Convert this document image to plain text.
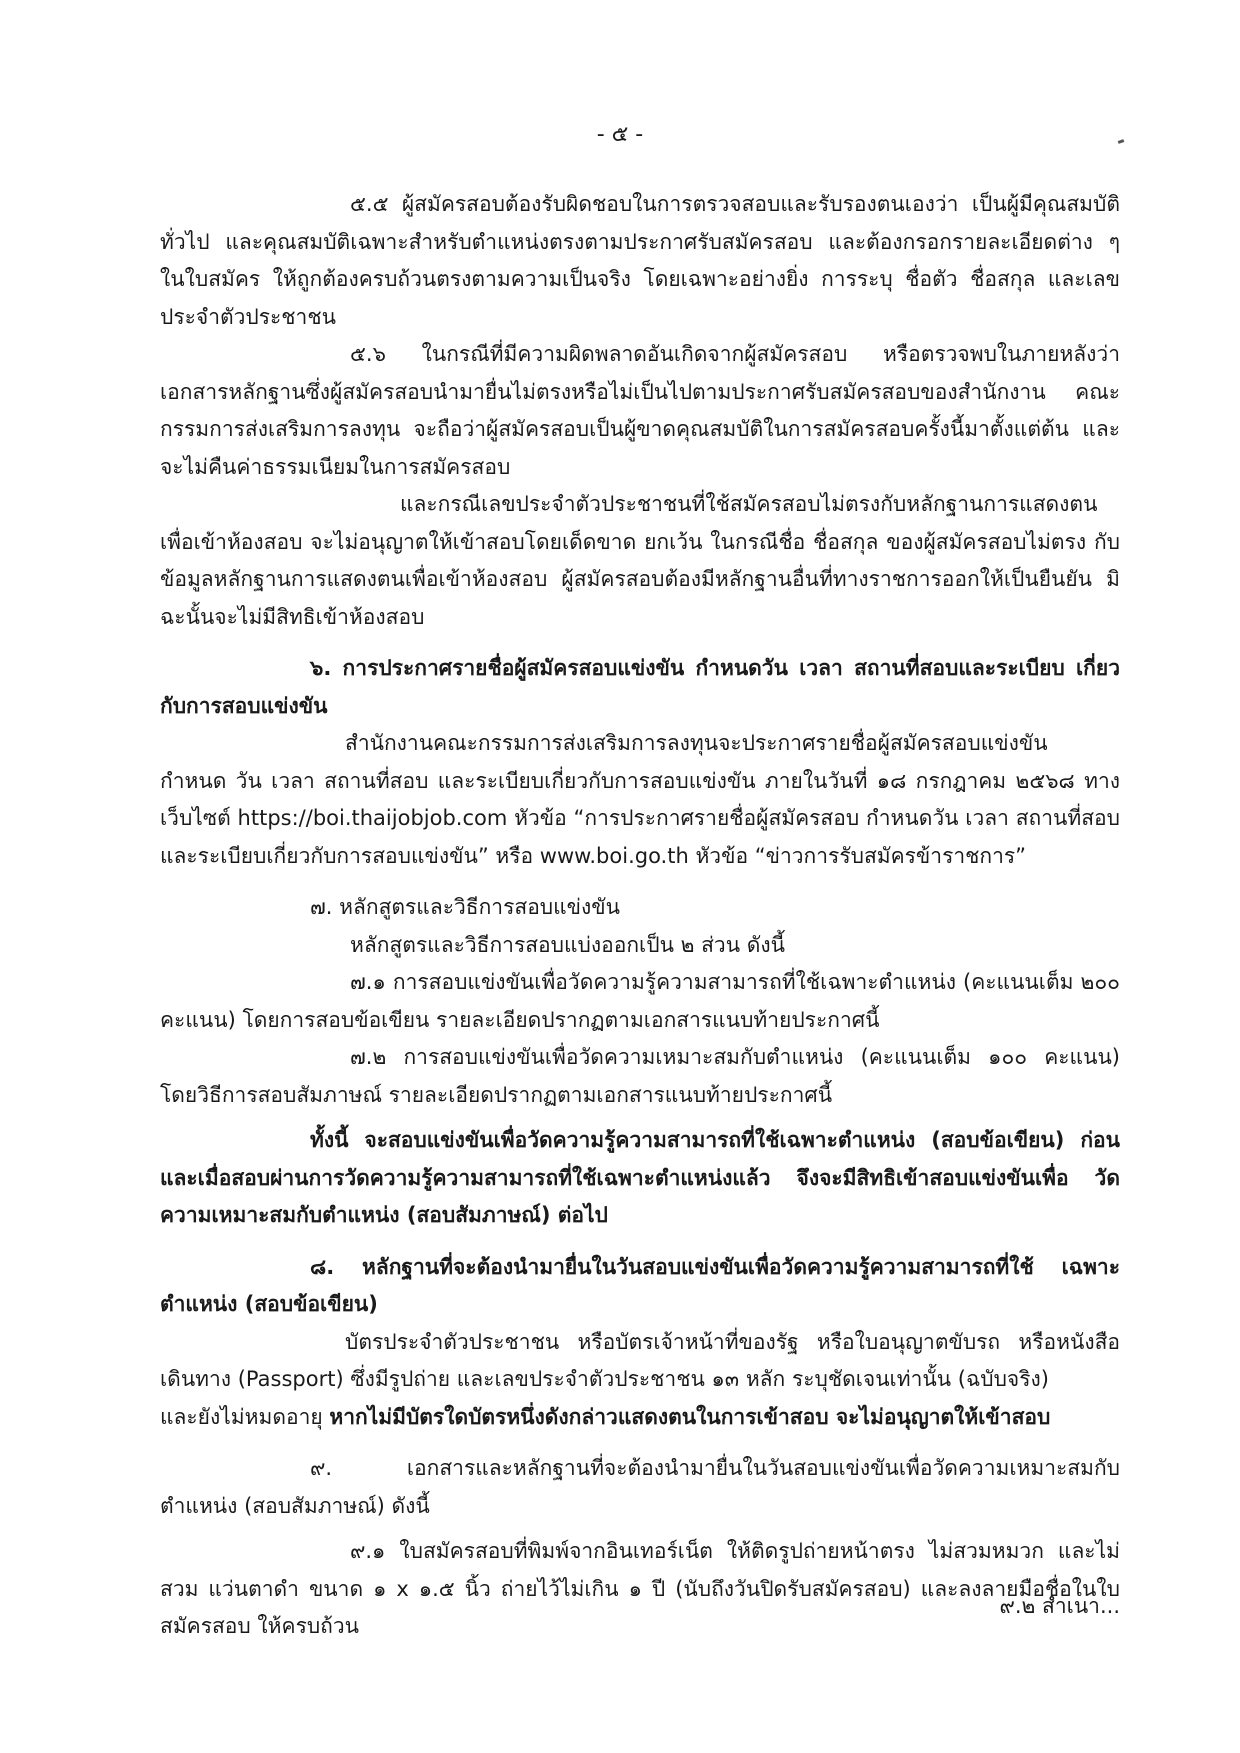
- ๕ -

๕.๕ ผู้สมัครสอบต้องรับผิดชอบในการตรวจสอบและรับรองตนเองว่า เป็นผู้มีคุณสมบัติทั่วไป และคุณสมบัติเฉพาะสำหรับตำแหน่งตรงตามประกาศรับสมัครสอบ และต้องกรอกรายละเอียดต่าง ๆ ในใบสมัคร ให้ถูกต้องครบถ้วนตรงตามความเป็นจริง โดยเฉพาะอย่างยิ่ง การระบุ ชื่อตัว ชื่อสกุล และเลขประจำตัวประชาชน

๕.๖ ในกรณีที่มีความผิดพลาดอันเกิดจากผู้สมัครสอบ หรือตรวจพบในภายหลังว่า เอกสารหลักฐานซึ่งผู้สมัครสอบนำมายื่นไม่ตรงหรือไม่เป็นไปตามประกาศรับสมัครสอบของสำนักงาน คณะกรรมการส่งเสริมการลงทุน จะถือว่าผู้สมัครสอบเป็นผู้ขาดคุณสมบัติในการสมัครสอบครั้งนี้มาตั้งแต่ต้น และจะไม่คืนค่าธรรมเนียมในการสมัครสอบ

และกรณีเลขประจำตัวประชาชนที่ใช้สมัครสอบไม่ตรงกับหลักฐานการแสดงตน เพื่อเข้าห้องสอบ จะไม่อนุญาตให้เข้าสอบโดยเด็ดขาด ยกเว้น ในกรณีชื่อ ชื่อสกุล ของผู้สมัครสอบไม่ตรง กับข้อมูลหลักฐานการแสดงตนเพื่อเข้าห้องสอบ ผู้สมัครสอบต้องมีหลักฐานอื่นที่ทางราชการออกให้เป็นยืนยัน มิฉะนั้นจะไม่มีสิทธิเข้าห้องสอบ

๖. การประกาศรายชื่อผู้สมัครสอบแข่งขัน กำหนดวัน เวลา สถานที่สอบและระเบียบ เกี่ยวกับการสอบแข่งขัน

สำนักงานคณะกรรมการส่งเสริมการลงทุนจะประกาศรายชื่อผู้สมัครสอบแข่งขัน กำหนด วัน เวลา สถานที่สอบ และระเบียบเกี่ยวกับการสอบแข่งขัน ภายในวันที่ ๑๘ กรกฎาคม ๒๕๖๘ ทางเว็บไซต์ https://boi.thaijobjob.com หัวข้อ “การประกาศรายชื่อผู้สมัครสอบ กำหนดวัน เวลา สถานที่สอบ และระเบียบเกี่ยวกับการสอบแข่งขัน” หรือ www.boi.go.th หัวข้อ “ข่าวการรับสมัครข้าราชการ”

๗. หลักสูตรและวิธีการสอบแข่งขัน

หลักสูตรและวิธีการสอบแบ่งออกเป็น ๒ ส่วน ดังนี้

๗.๑ การสอบแข่งขันเพื่อวัดความรู้ความสามารถที่ใช้เฉพาะตำแหน่ง (คะแนนเต็ม ๒๐๐ คะแนน) โดยการสอบข้อเขียน รายละเอียดปรากฏตามเอกสารแนบท้ายประกาศนี้

๗.๒ การสอบแข่งขันเพื่อวัดความเหมาะสมกับตำแหน่ง (คะแนนเต็ม ๑๐๐ คะแนน) โดยวิธีการสอบสัมภาษณ์ รายละเอียดปรากฏตามเอกสารแนบท้ายประกาศนี้

ทั้งนี้ จะสอบแข่งขันเพื่อวัดความรู้ความสามารถที่ใช้เฉพาะตำแหน่ง (สอบข้อเขียน) ก่อน และเมื่อสอบผ่านการวัดความรู้ความสามารถที่ใช้เฉพาะตำแหน่งแล้ว จึงจะมีสิทธิเข้าสอบแข่งขันเพื่อ วัดความเหมาะสมกับตำแหน่ง (สอบสัมภาษณ์) ต่อไป

๘. หลักฐานที่จะต้องนำมายื่นในวันสอบแข่งขันเพื่อวัดความรู้ความสามารถที่ใช้ เฉพาะตำแหน่ง (สอบข้อเขียน)

บัตรประจำตัวประชาชน หรือบัตรเจ้าหน้าที่ของรัฐ หรือใบอนุญาตขับรถ หรือหนังสือ เดินทาง (Passport) ซึ่งมีรูปถ่าย และเลขประจำตัวประชาชน ๑๓ หลัก ระบุชัดเจนเท่านั้น (ฉบับจริง)

และยังไม่หมดอายุ หากไม่มีบัตรใดบัตรหนึ่งดังกล่าวแสดงตนในการเข้าสอบ จะไม่อนุญาตให้เข้าสอบ

๙. เอกสารและหลักฐานที่จะต้องนำมายื่นในวันสอบแข่งขันเพื่อวัดความเหมาะสมกับตำแหน่ง (สอบสัมภาษณ์) ดังนี้

๙.๑ ใบสมัครสอบที่พิมพ์จากอินเทอร์เน็ต ให้ติดรูปถ่ายหน้าตรง ไม่สวมหมวก และไม่สวม แว่นตาดำ ขนาด ๑ x ๑.๕ นิ้ว ถ่ายไว้ไม่เกิน ๑ ปี (นับถึงวันปิดรับสมัครสอบ) และลงลายมือชื่อในใบสมัครสอบ ให้ครบถ้วน

๙.๒ สำเนา...
